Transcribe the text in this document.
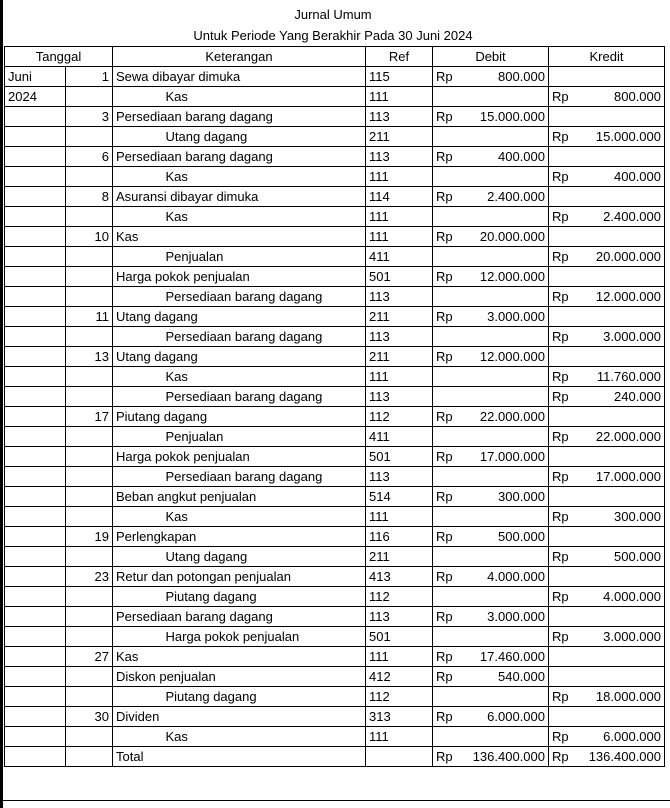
Jurnal Umum
Untuk Periode Yang Berakhir Pada 30 Juni 2024
Tanggal		Keterangan		Ref	Debit		Kredit	
Juni	1	Sewa dibayar dimuka		115	Rp	800.000		
2024			Kas	111			Rp	800.000
	3	Persediaan barang dagang		113	Rp	15.000.000		
			Utang dagang	211			Rp	15.000.000
	6	Persediaan barang dagang		113	Rp	400.000		
			Kas	111			Rp	400.000
	8	Asuransi dibayar dimuka		114	Rp	2.400.000		
			Kas	111			Rp	2.400.000
	10	Kas		111	Rp	20.000.000		
			Penjualan	411			Rp	20.000.000
		Harga pokok penjualan		501	Rp	12.000.000		
			Persediaan barang dagang	113			Rp	12.000.000
	11	Utang dagang		211	Rp	3.000.000		
			Persediaan barang dagang	113			Rp	3.000.000
	13	Utang dagang		211	Rp	12.000.000		
			Kas	111			Rp	11.760.000
			Persediaan barang dagang	113			Rp	240.000
	17	Piutang dagang		112	Rp	22.000.000		
			Penjualan	411			Rp	22.000.000
		Harga pokok penjualan		501	Rp	17.000.000		
			Persediaan barang dagang	113			Rp	17.000.000
		Beban angkut penjualan		514	Rp	300.000		
			Kas	111			Rp	300.000
	19	Perlengkapan		116	Rp	500.000		
			Utang dagang	211			Rp	500.000
	23	Retur dan potongan penjualan		413	Rp	4.000.000		
			Piutang dagang	112			Rp	4.000.000
		Persediaan barang dagang		113	Rp	3.000.000		
			Harga pokok penjualan	501			Rp	3.000.000
	27	Kas		111	Rp	17.460.000		
		Diskon penjualan		412	Rp	540.000		
			Piutang dagang	112			Rp	18.000.000
	30	Dividen		313	Rp	6.000.000		
			Kas	111			Rp	6.000.000
		Total			Rp	136.400.000	Rp	136.400.000
